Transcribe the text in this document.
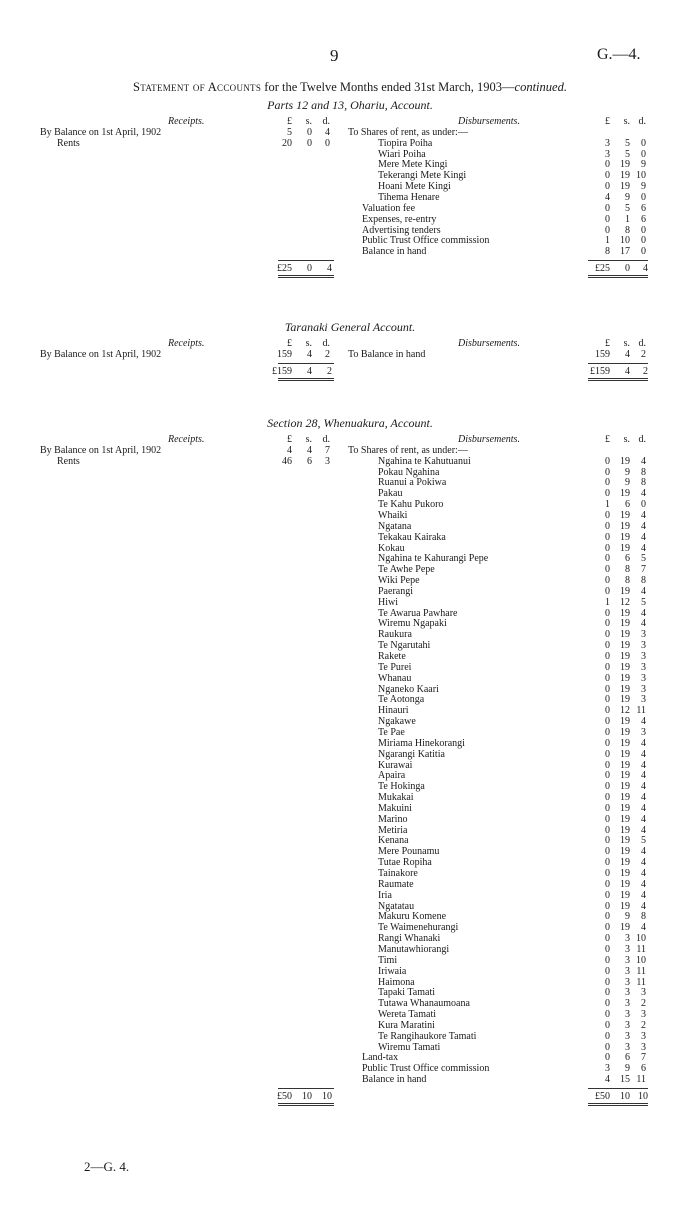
9	G.—4.
Statement of Accounts for the Twelve Months ended 31st March, 1903—continued.
Parts 12 and 13, Ohariu, Account.
Receipts.	Disbursements.
£	£
s.	s.
d.	d.
By Balance on 1st April, 1902	5	0	4
Rents	20	0	0
To Shares of rent, as under:—
Tiopira Poiha	3	5	0
Wiari Poiha	3	5	0
Mere Mete Kingi	0	19	9
Tekerangi Mete Kingi	0	19 10
Hoani Mete Kingi	0	19	9
Tihema Henare	4	9	0
Valuation fee	0	5	6
Expenses, re-entry	0	1	6
Advertising tenders	0	8	0
Public Trust Office commission	1	10	0
Balance in hand	8	17	0
£25	0	4	£25	0	4
Taranaki General Account.
Receipts.	Disbursements.
£	£
s.	s.
d.	d.
By Balance on 1st April, 1902	159	4	2 To Balance in hand	159	4	2
£159	4	2	£159	4	2
Section 28, Whenuakura, Account.
Receipts.	Disbursements.
£	£
s.	s.
d.	d.
By Balance on 1st April, 1902	4	4	7
Rents	46	6	3
To Shares of rent, as under:—
Ngahina te Kahutuanui	0	19	4
Pokau Ngahina	0	9	8
Ruanui a Pokiwa	0	9	8
Pakau	0	19	4
Te Kahu Pukoro	1	6	0
Whaiki	0	19	4
Ngatana	0	19	4
Tekakau Kairaka	0	19	4
Kokau	0	19	4
Ngahina te Kahurangi Pepe	0	6	5
Te Awhe Pepe	0	8	7
Wiki Pepe	0	8	8
Paerangi	0	19	4
Hiwi	1	12	5
Te Awarua Pawhare	0	19	4
Wiremu Ngapaki	0	19	4
Raukura	0	19	3
Te Ngarutahi	0	19	3
Rakete	0	19	3
Te Purei	0	19	3
Whanau	0	19	3
Nganeko Kaari	0	19	3
Te Aotonga	0	19	3
Hinauri	0	12 11
Ngakawe	0	19	4
Te Pae	0	19	3
Miriama Hinekorangi	0	19	4
Ngarangi Katitia	0	19	4
Kurawai	0	19	4
Apaira	0	19	4
Te Hokinga	0	19	4
Mukakai	0	19	4
Makuini	0	19	4
Marino	0	19	4
Metiria	0	19	4
Kenana	0	19	5
Mere Pounamu	0	19	4
Tutae Ropiha	0	19	4
Tainakore	0	19	4
Raumate	0	19	4
Iria	0	19	4
Ngatatau	0	19	4
Makuru Komene	0	9	8
Te Waimenehurangi	0	19	4
Rangi Whanaki	0	3 10
Manutawhiorangi	0	3 11
Timi	0	3 10
Iriwaia	0	3 11
Haimona	0	3 11
Tapaki Tamati	0	3	3
Tutawa Whanaumoana	0	3	2
Wereta Tamati	0	3	3
Kura Maratini	0	3	2
Te Rangihaukore Tamati	0	3	3
Wiremu Tamati	0	3	3
Land-tax	0	6	7
Public Trust Office commission	3	9	6
Balance in hand	4	15 11
£50	10	10	£50	10 10
2—G. 4.
